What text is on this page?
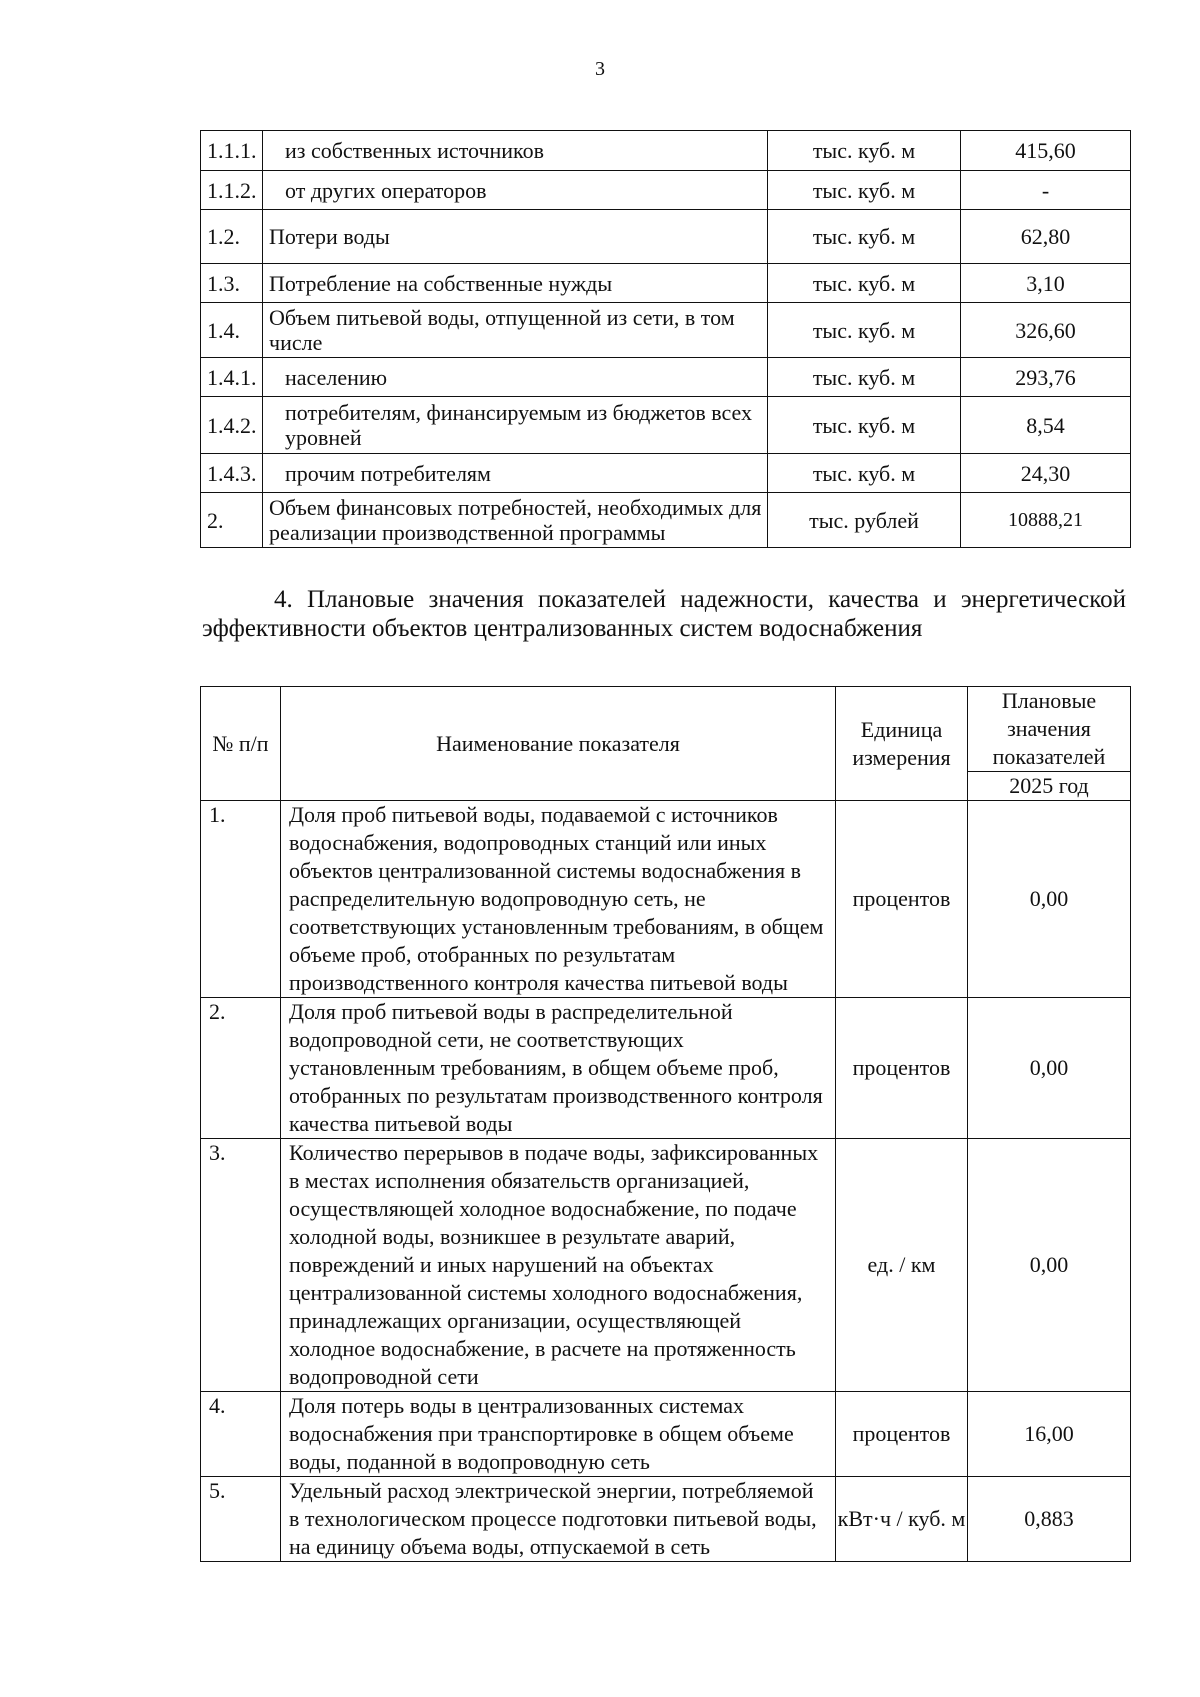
3
1.1.1.	из собственных источников	тыс. куб. м	415,60
1.1.2.	от других операторов	тыс. куб. м	-
1.2.	Потери воды	тыс. куб. м	62,80
1.3.	Потребление на собственные нужды	тыс. куб. м	3,10
1.4.	Объем питьевой воды, отпущенной из сети, в том числе	тыс. куб. м	326,60
1.4.1.	населению	тыс. куб. м	293,76
1.4.2.	потребителям, финансируемым из бюджетов всех уровней	тыс. куб. м	8,54
1.4.3.	прочим потребителям	тыс. куб. м	24,30
2.	Объем финансовых потребностей, необходимых для реализации производственной программы	тыс. рублей	10888,21

4. Плановые значения показателей надежности, качества и энергетической эффективности объектов централизованных систем водоснабжения

№ п/п	Наименование показателя	Единица измерения	Плановые значения показателей
			2025 год
1.	Доля проб питьевой воды, подаваемой с источников водоснабжения, водопроводных станций или иных объектов централизованной системы водоснабжения в распределительную водопроводную сеть, не соответствующих установленным требованиям, в общем объеме проб, отобранных по результатам производственного контроля качества питьевой воды	процентов	0,00
2.	Доля проб питьевой воды в распределительной водопроводной сети, не соответствующих установленным требованиям, в общем объеме проб, отобранных по результатам производственного контроля качества питьевой воды	процентов	0,00
3.	Количество перерывов в подаче воды, зафиксированных в местах исполнения обязательств организацией, осуществляющей холодное водоснабжение, по подаче холодной воды, возникшее в результате аварий, повреждений и иных нарушений на объектах централизованной системы холодного водоснабжения, принадлежащих организации, осуществляющей холодное водоснабжение, в расчете на протяженность водопроводной сети	ед. / км	0,00
4.	Доля потерь воды в централизованных системах водоснабжения при транспортировке в общем объеме воды, поданной в водопроводную сеть	процентов	16,00
5.	Удельный расход электрической энергии, потребляемой в технологическом процессе подготовки питьевой воды, на единицу объема воды, отпускаемой в сеть	кВт·ч / куб. м	0,883
